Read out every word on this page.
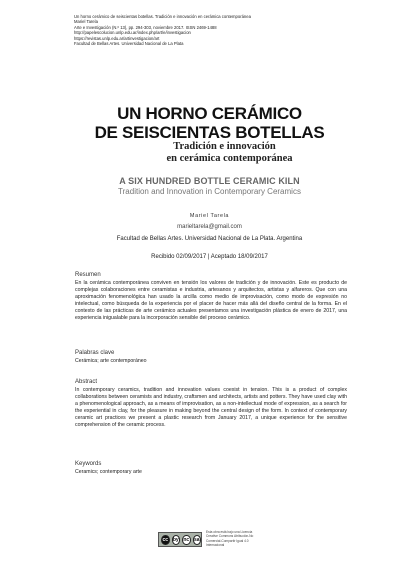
Un horno cerámico de seiscientas botellas. Tradición e innovación en cerámica contemporánea
Mariel Tarela
Arte e Investigación (N.º 13), pp. 294-303, noviembre 2017. ISSN 2469-1488
http://papelescolucion.unlp.edu.ar/index.php/art/e/investigacion
https://revistas.unlp.edu.ar/artinvestigacion/art
Facultad de Bellas Artes. Universidad Nacional de La Plata
UN HORNO CERÁMICO
DE SEISCIENTAS BOTELLAS
Tradición e innovación
en cerámica contemporánea
A SIX HUNDRED BOTTLE CERAMIC KILN
Tradition and Innovation in Contemporary Ceramics
Mariel Tarela
marieltarela@gmail.com
Facultad de Bellas Artes. Universidad Nacional de La Plata. Argentina
Recibido 02/09/2017 | Aceptado 18/09/2017
Resumen
En la cerámica contemporánea conviven en tensión los valores de tradición y de innovación. Este es producto de complejas colaboraciones entre ceramistas e industria, artesanos y arquitectos, artistas y alfareros. Que con una aproximación fenomenológica han usado la arcilla como medio de improvisación, como modo de expresión no intelectual, como búsqueda de la experiencia por el placer de hacer más allá del diseño central de la forma. En el contexto de las prácticas de arte cerámico actuales presentamos una investigación plástica de enero de 2017, una experiencia inigualable para la incorporación sensible del proceso cerámico.
Palabras clave
Cerámica; arte contemporáneo
Abstract
In contemporary ceramics, tradition and innovation values coexist in tension. This is a product of complex collaborations between ceramists and industry, craftsmen and architects, artists and potters. They have used clay with a phenomenological approach, as a means of improvisation, as a non-intellectual mode of expression, as a search for the experiential in clay, for the pleasure in making beyond the central design of the form. In context of contemporary ceramic art practices we present a plastic research from January 2017, a unique experience for the sensitive comprehension of the ceramic process.
Keywords
Ceramics; contemporary arte
cc by nc sa
Esta obra está bajo una Licencia
Creative Commons Atribución-No
Comercial-Compartir Igual 4.0
Internacional
